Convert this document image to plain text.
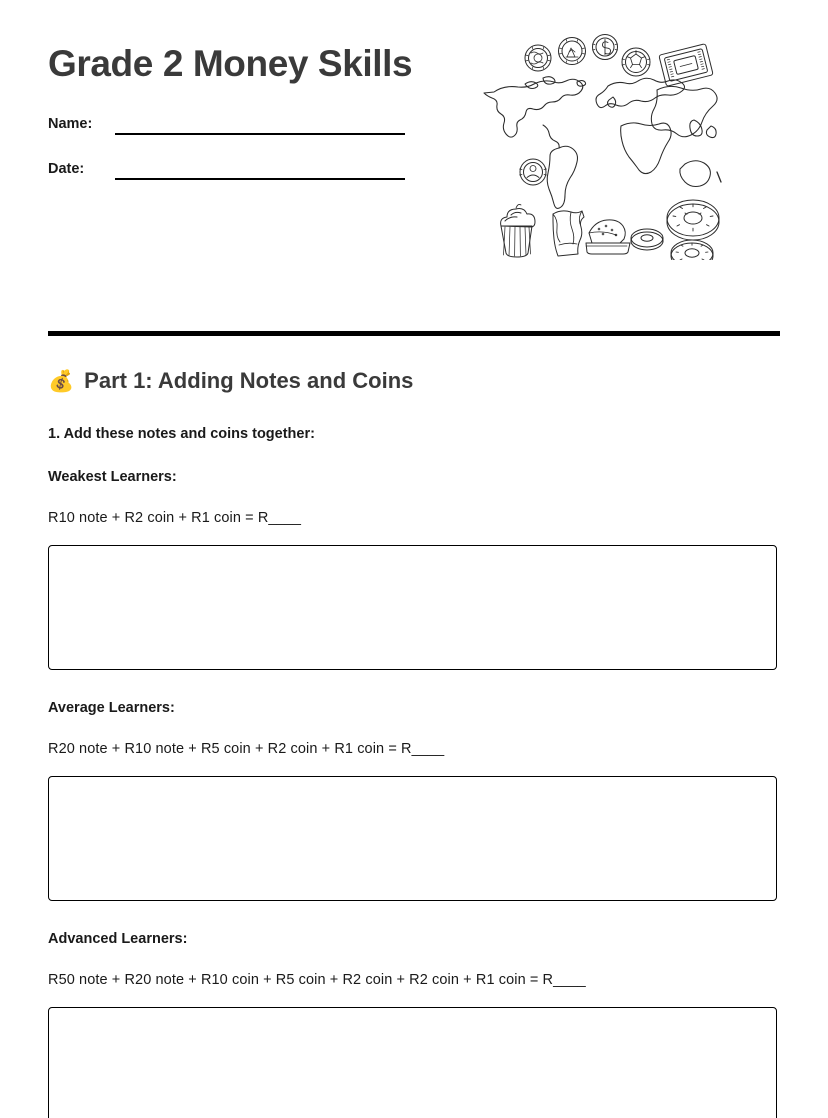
Grade 2 Money Skills
Name:
Date:
💰 Part 1: Adding Notes and Coins

1. Add these notes and coins together:

Weakest Learners:

R10 note + R2 coin + R1 coin = R____

Average Learners:

R20 note + R10 note + R5 coin + R2 coin + R1 coin = R____

Advanced Learners:

R50 note + R20 note + R10 coin + R5 coin + R2 coin + R2 coin + R1 coin = R____
